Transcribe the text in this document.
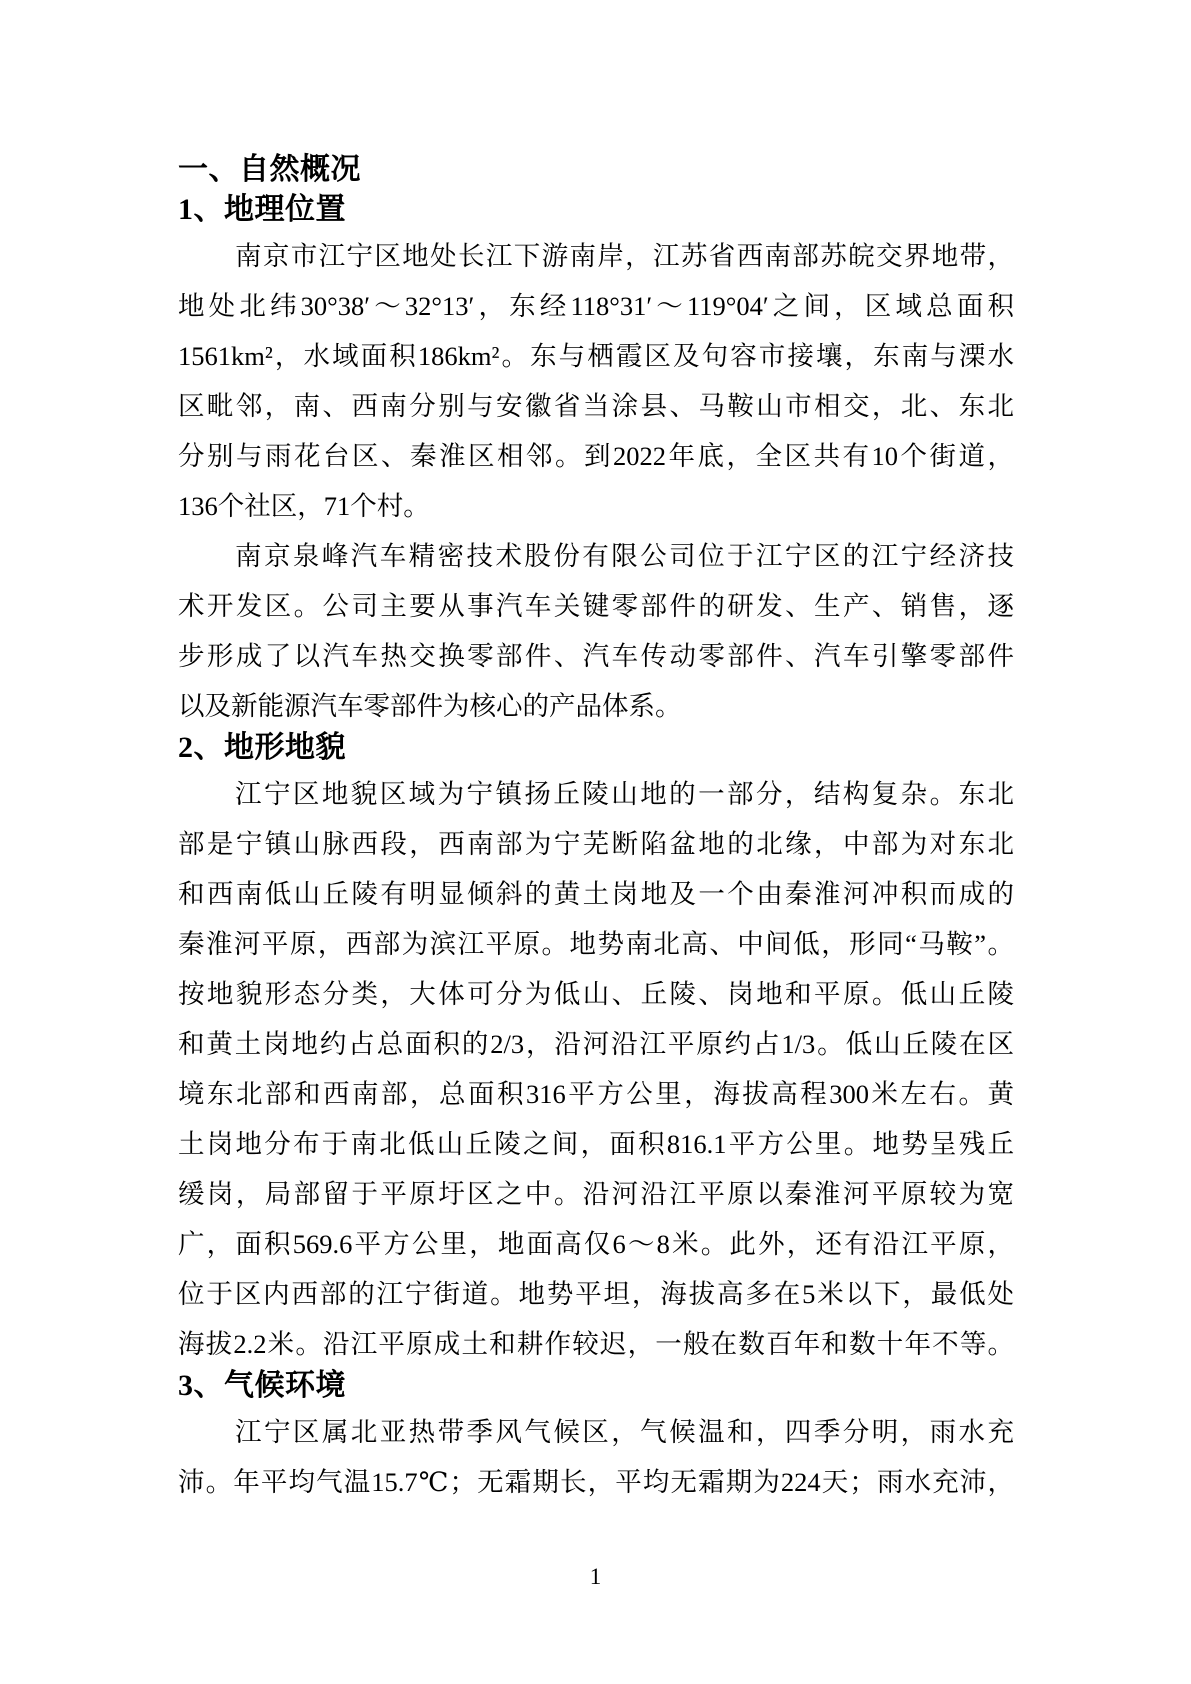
一、自然概况
1、地理位置
南京市江宁区地处长江下游南岸，江苏省西南部苏皖交界地带，
地处北纬30°38′～32°13′，东经118°31′～119°04′之间，区域总面积
1561km²，水域面积186km²。东与栖霞区及句容市接壤，东南与溧水
区毗邻，南、西南分别与安徽省当涂县、马鞍山市相交，北、东北
分别与雨花台区、秦淮区相邻。到2022年底，全区共有10个街道，
136个社区，71个村。
南京泉峰汽车精密技术股份有限公司位于江宁区的江宁经济技
术开发区。公司主要从事汽车关键零部件的研发、生产、销售，逐
步形成了以汽车热交换零部件、汽车传动零部件、汽车引擎零部件
以及新能源汽车零部件为核心的产品体系。
2、地形地貌
江宁区地貌区域为宁镇扬丘陵山地的一部分，结构复杂。东北
部是宁镇山脉西段，西南部为宁芜断陷盆地的北缘，中部为对东北
和西南低山丘陵有明显倾斜的黄土岗地及一个由秦淮河冲积而成的
秦淮河平原，西部为滨江平原。地势南北高、中间低，形同“马鞍”。
按地貌形态分类，大体可分为低山、丘陵、岗地和平原。低山丘陵
和黄土岗地约占总面积的2/3，沿河沿江平原约占1/3。低山丘陵在区
境东北部和西南部，总面积316平方公里，海拔高程300米左右。黄
土岗地分布于南北低山丘陵之间，面积816.1平方公里。地势呈残丘
缓岗，局部留于平原圩区之中。沿河沿江平原以秦淮河平原较为宽
广，面积569.6平方公里，地面高仅6～8米。此外，还有沿江平原，
位于区内西部的江宁街道。地势平坦，海拔高多在5米以下，最低处
海拔2.2米。沿江平原成土和耕作较迟，一般在数百年和数十年不等。
3、气候环境
江宁区属北亚热带季风气候区，气候温和，四季分明，雨水充
沛。年平均气温15.7℃；无霜期长，平均无霜期为224天；雨水充沛，
1
